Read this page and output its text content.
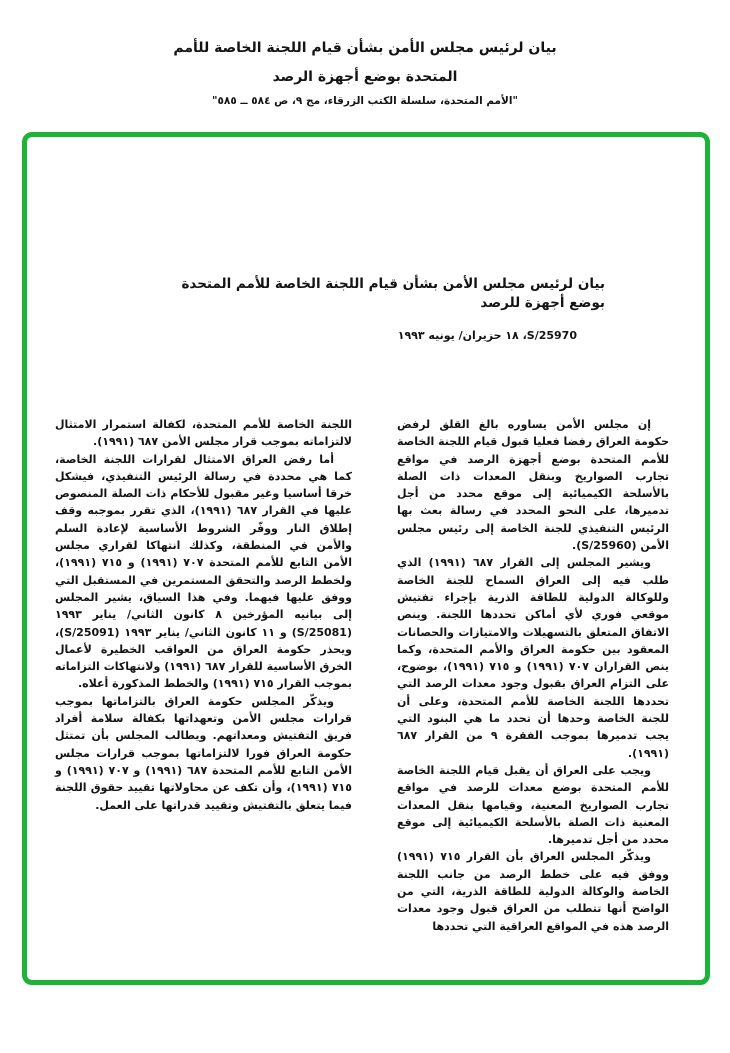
بيان لرئيس مجلس الأمن بشأن قيام اللجنة الخاصة للأمم
المتحدة بوضع أجهزة الرصد
"الأمم المتحدة، سلسلة الكتب الزرقاء، مج ٩، ص ٥٨٤ ــ ٥٨٥"
بيان لرئيس مجلس الأمن بشأن قيام اللجنة الخاصة للأمم المتحدة بوضع أجهزة للرصد
S/25970، ١٨ حزيران/ يونيه ١٩٩٣

إن مجلس الأمن يساوره بالغ القلق لرفض حكومة العراق رفضا فعليا قبول قيام اللجنة الخاصة للأمم المتحدة بوضع أجهزة الرصد في مواقع تجارب الصواريخ وبنقل المعدات ذات الصلة بالأسلحة الكيميائية إلى موقع محدد من أجل تدميرها، على النحو المحدد في رسالة بعث بها الرئيس التنفيذي للجنة الخاصة إلى رئيس مجلس الأمن (S/25960).

ويشير المجلس إلى القرار ٦٨٧ (١٩٩١) الذي طلب فيه إلى العراق السماح للجنة الخاصة وللوكالة الدولية للطاقة الذرية بإجراء تفتيش موقعي فوري لأي أماكن تحددها اللجنة. وينص الاتفاق المتعلق بالتسهيلات والامتيازات والحصانات المعقود بين حكومة العراق والأمم المتحدة، وكما ينص القراران ٧٠٧ (١٩٩١) و ٧١٥ (١٩٩١)، بوضوح، على التزام العراق بقبول وجود معدات الرصد التي تحددها اللجنة الخاصة للأمم المتحدة، وعلى أن للجنة الخاصة وحدها أن تحدد ما هي البنود التي يجب تدميرها بموجب الفقرة ٩ من القرار ٦٨٧ (١٩٩١).

ويجب على العراق أن يقبل قيام اللجنة الخاصة للأمم المتحدة بوضع معدات للرصد في مواقع تجارب الصواريخ المعنية، وقيامها بنقل المعدات المعنية ذات الصلة بالأسلحة الكيميائية إلى موقع محدد من أجل تدميرها.

ويذكّر المجلس العراق بأن القرار ٧١٥ (١٩٩١) ووفق فيه على خطط الرصد من جانب اللجنة الخاصة والوكالة الدولية للطاقة الذرية، التي من الواضح أنها تتطلب من العراق قبول وجود معدات الرصد هذه في المواقع العراقية التي تحددها

اللجنة الخاصة للأمم المتحدة، لكفالة استمرار الامتثال لالتزاماته بموجب قرار مجلس الأمن ٦٨٧ (١٩٩١).

أما رفض العراق الامتثال لقرارات اللجنة الخاصة، كما هي محددة في رسالة الرئيس التنفيذي، فيشكل خرقا أساسيا وغير مقبول للأحكام ذات الصلة المنصوص عليها في القرار ٦٨٧ (١٩٩١)، الذي تقرر بموجبه وقف إطلاق النار ووفّر الشروط الأساسية لإعادة السلم والأمن في المنطقة، وكذلك انتهاكا لقراري مجلس الأمن التابع للأمم المتحدة ٧٠٧ (١٩٩١) و ٧١٥ (١٩٩١)، ولخطط الرصد والتحقق المستمرين في المستقبل التي ووفق عليها فيهما. وفي هذا السياق، يشير المجلس إلى بيانيه المؤرخين ٨ كانون الثاني/ يناير ١٩٩٣ (S/25081) و ١١ كانون الثاني/ يناير ١٩٩٣ (S/25091)، ويحذر حكومة العراق من العواقب الخطيرة لأعمال الخرق الأساسية للقرار ٦٨٧ (١٩٩١) ولانتهاكات التزاماته بموجب القرار ٧١٥ (١٩٩١) والخطط المذكورة أعلاه.

ويذكّر المجلس حكومة العراق بالتزاماتها بموجب قرارات مجلس الأمن وتعهداتها بكفالة سلامة أفراد فريق التفتيش ومعداتهم. ويطالب المجلس بأن تمتثل حكومة العراق فورا لالتزاماتها بموجب قرارات مجلس الأمن التابع للأمم المتحدة ٦٨٧ (١٩٩١) و ٧٠٧ (١٩٩١) و ٧١٥ (١٩٩١)، وأن تكف عن محاولاتها تقييد حقوق اللجنة فيما يتعلق بالتفتيش وتقييد قدراتها على العمل.
